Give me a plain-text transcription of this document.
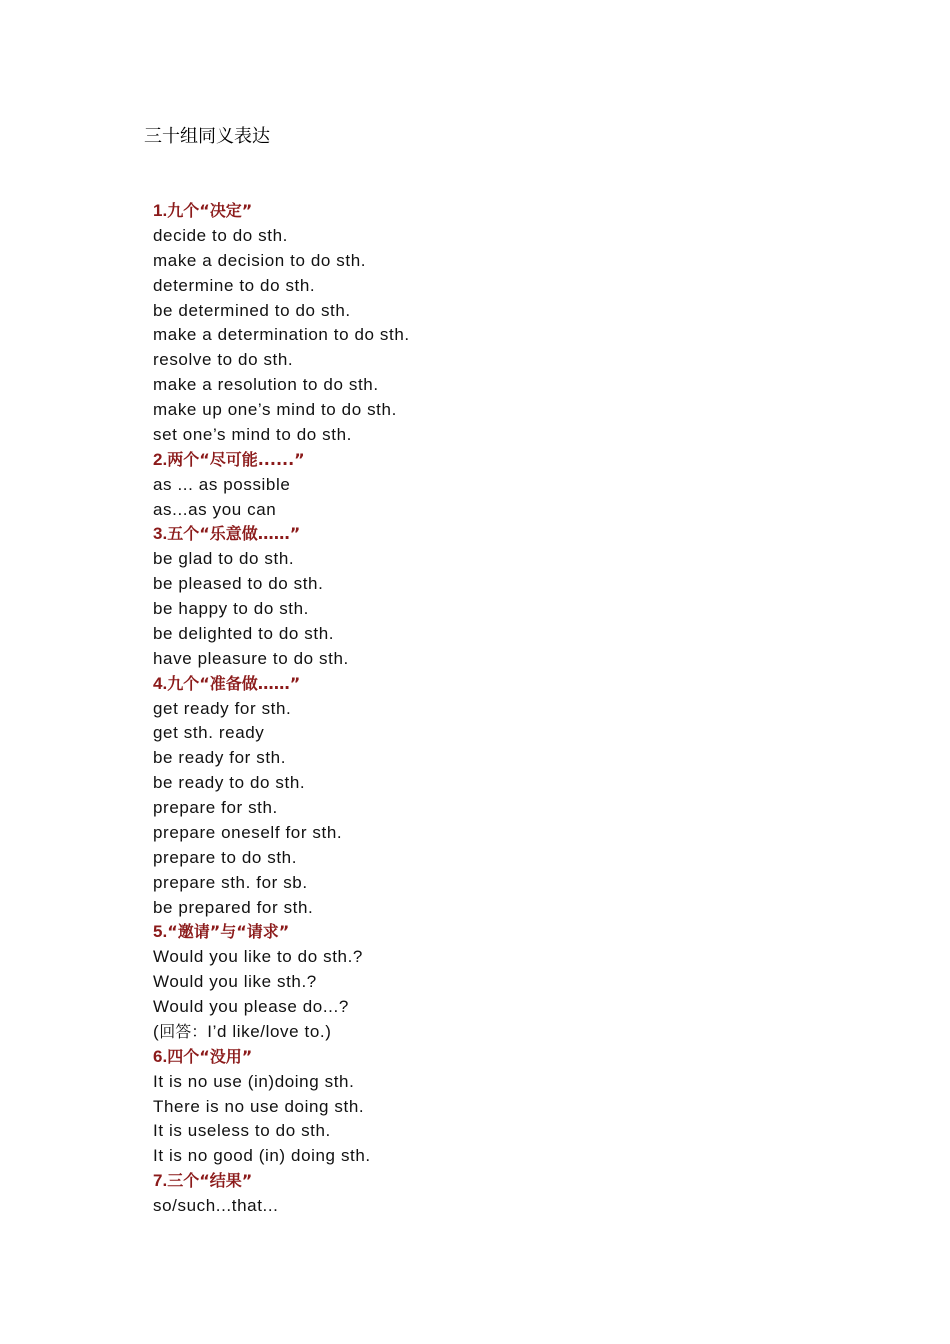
三十组同义表达
1.九个“决定”
decide to do sth.
make a decision to do sth.
determine to do sth.
be determined to do sth.
make a determination to do sth.
resolve to do sth.
make a resolution to do sth.
make up one’s mind to do sth.
set one’s mind to do sth.
2.两个“尽可能......”
as ... as possible
as...as you can
3.五个“乐意做……”
be glad to do sth.
be pleased to do sth.
be happy to do sth.
be delighted to do sth.
have pleasure to do sth.
4.九个“准备做……”
get ready for sth.
get sth. ready
be ready for sth.
be ready to do sth.
prepare for sth.
prepare oneself for sth.
prepare to do sth.
prepare sth. for sb.
be prepared for sth.
5.“邀请”与“请求”
Would you like to do sth.?
Would you like sth.?
Would you please do...?
(回答：I’d like/love to.)
6.四个“没用”
It is no use (in)doing sth.
There is no use doing sth.
It is useless to do sth.
It is no good (in) doing sth.
7.三个“结果”
so/such...that...
